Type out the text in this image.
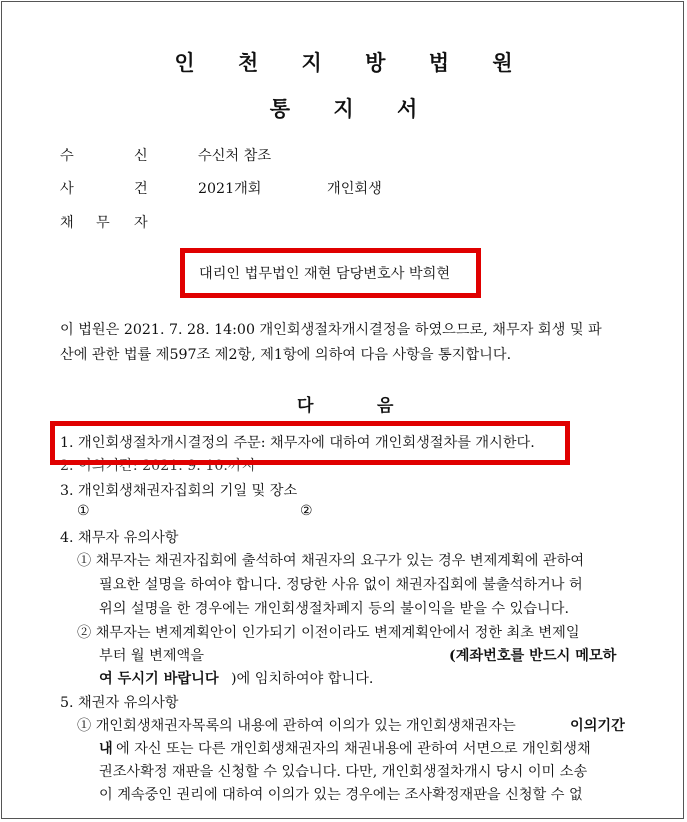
인 천 지 방 법 원
통 지 서
수	신	수신처 참조
사	건	2021개회	개인회생
채 무 자
대리인 법무법인 재현 담당변호사 박희현
이 법원은 2021. 7. 28. 14:00 개인회생절차개시결정을 하였으므로, 채무자 회생 및 파
산에 관한 법률 제597조 제2항, 제1항에 의하여 다음 사항을 통지합니다.
다	음
1. 개인회생절차개시결정의 주문: 채무자에 대하여 개인회생절차를 개시한다.
2. 이의기간: 2021. 9. 10.까지
3. 개인회생채권자집회의 기일 및 장소
①	②
4. 채무자 유의사항
① 채무자는 채권자집회에 출석하여 채권자의 요구가 있는 경우 변제계획에 관하여
필요한 설명을 하여야 합니다. 정당한 사유 없이 채권자집회에 불출석하거나 허
위의 설명을 한 경우에는 개인회생절차폐지 등의 불이익을 받을 수 있습니다.
② 채무자는 변제계획안이 인가되기 이전이라도 변제계획안에서 정한 최초 변제일
부터 월 변제액을	(계좌번호를 반드시 메모하
여 두시기 바랍니다 )에 임치하여야 합니다.
5. 채권자 유의사항
① 개인회생채권자목록의 내용에 관하여 이의가 있는 개인회생채권자는	이의기간
내 에 자신 또는 다른 개인회생채권자의 채권내용에 관하여 서면으로 개인회생채
권조사확정 재판을 신청할 수 있습니다. 다만, 개인회생절차개시 당시 이미 소송
이 계속중인 권리에 대하여 이의가 있는 경우에는 조사확정재판을 신청할 수 없
